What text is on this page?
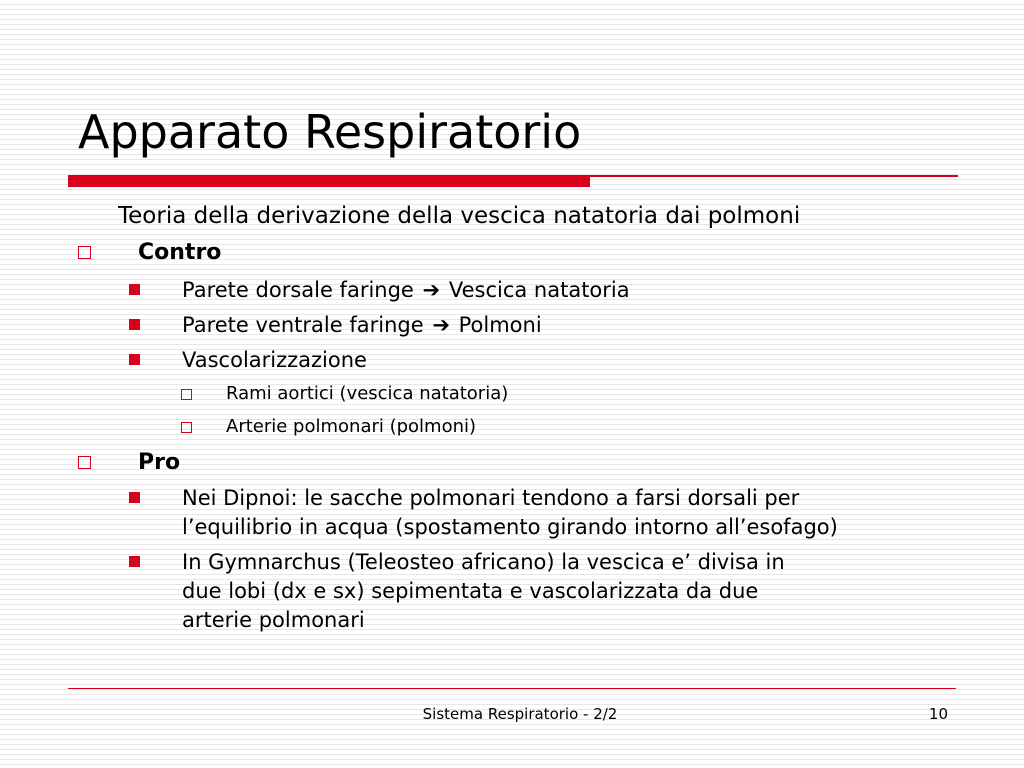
Apparato Respiratorio
Teoria della derivazione della vescica natatoria dai polmoni
Contro
Parete dorsale faringe ➔ Vescica natatoria
Parete ventrale faringe ➔ Polmoni
Vascolarizzazione
Rami aortici (vescica natatoria)
Arterie polmonari (polmoni)
Pro
Nei Dipnoi: le sacche polmonari tendono a farsi dorsali per
l’equilibrio in acqua (spostamento girando intorno all’esofago)
In Gymnarchus (Teleosteo africano) la vescica e’ divisa in
due lobi (dx e sx) sepimentata e vascolarizzata da due
arterie polmonari
Sistema Respiratorio - 2/2	10
